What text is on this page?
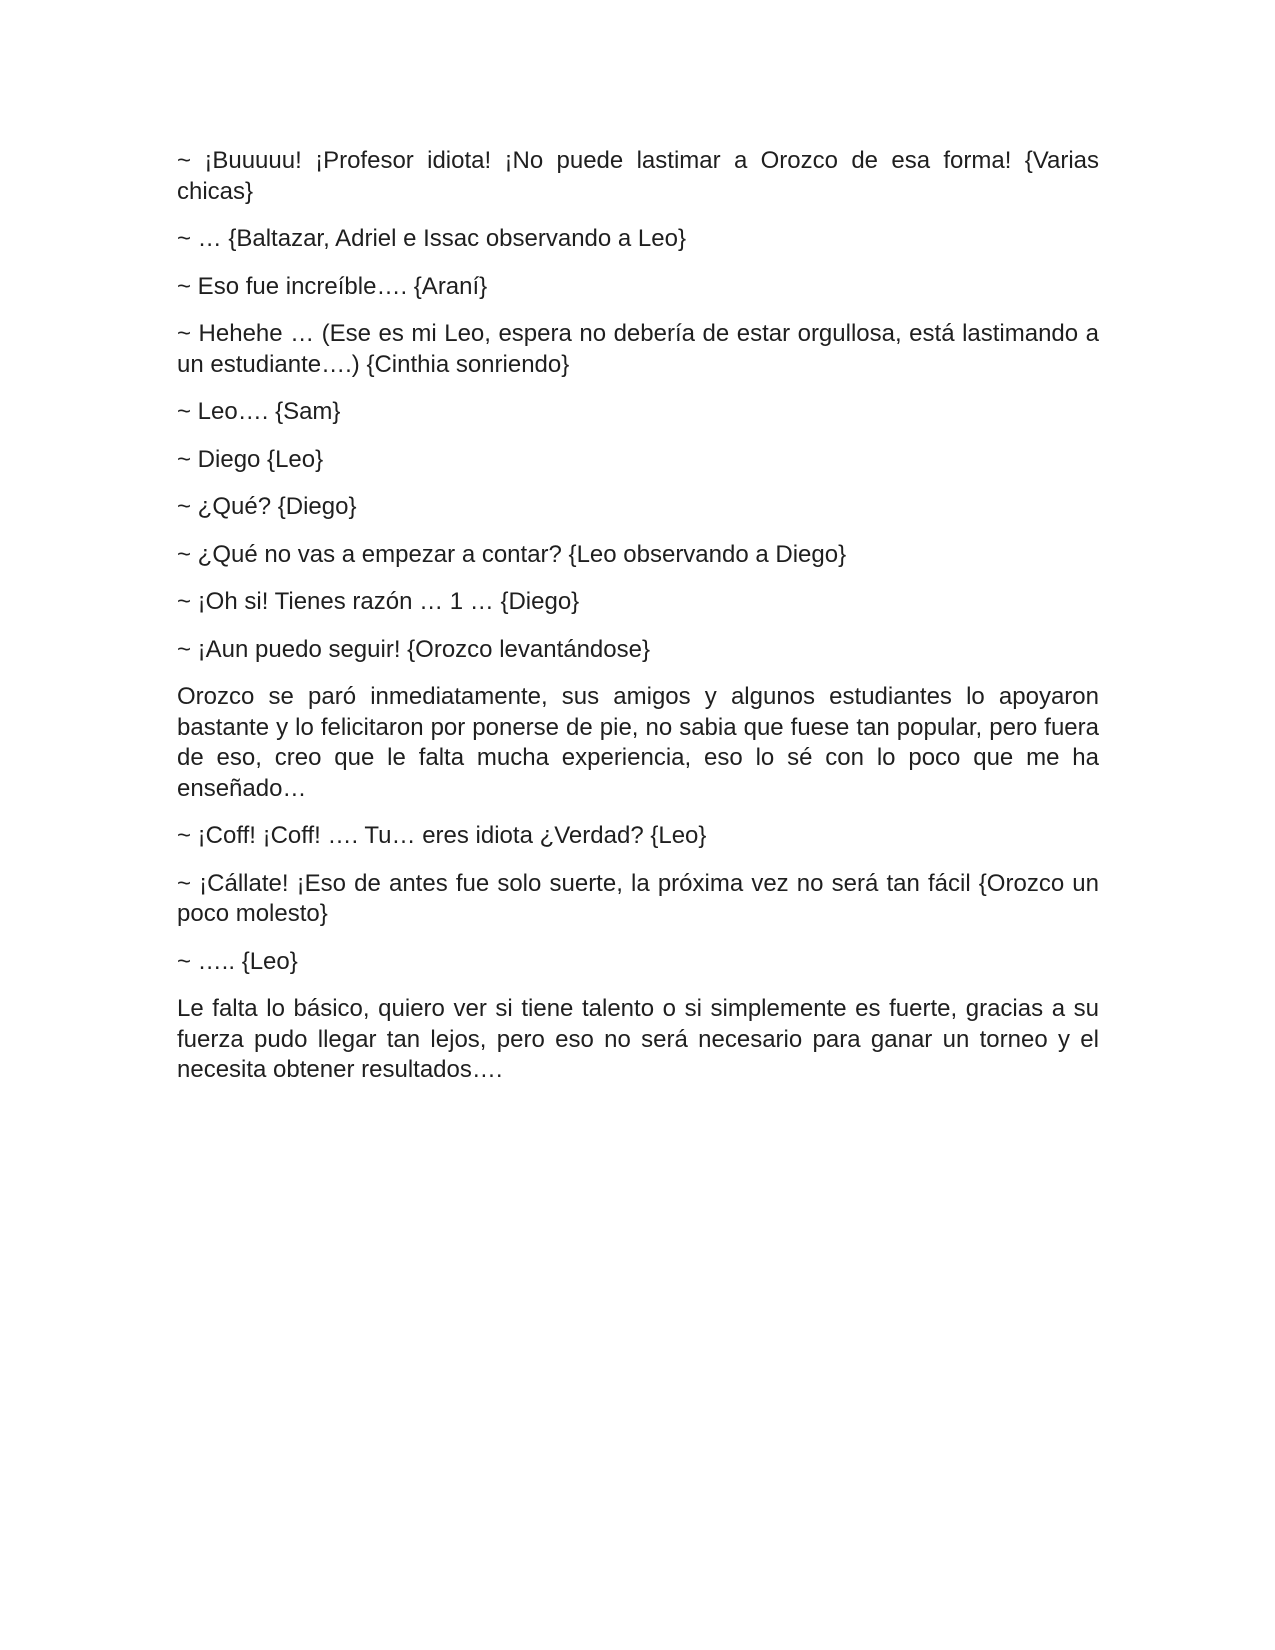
~ ¡Buuuuu! ¡Profesor idiota! ¡No puede lastimar a Orozco de esa forma! {Varias chicas}

~ … {Baltazar, Adriel e Issac observando a Leo}

~ Eso fue increíble…. {Araní}

~ Hehehe … (Ese es mi Leo, espera no debería de estar orgullosa, está lastimando a un estudiante….) {Cinthia sonriendo}

~ Leo…. {Sam}

~ Diego {Leo}

~ ¿Qué? {Diego}

~ ¿Qué no vas a empezar a contar? {Leo observando a Diego}

~ ¡Oh si! Tienes razón … 1 … {Diego}

~ ¡Aun puedo seguir! {Orozco levantándose}

Orozco se paró inmediatamente, sus amigos y algunos estudiantes lo apoyaron bastante y lo felicitaron por ponerse de pie, no sabia que fuese tan popular, pero fuera de eso, creo que le falta mucha experiencia, eso lo sé con lo poco que me ha enseñado…

~ ¡Coff! ¡Coff! …. Tu… eres idiota ¿Verdad? {Leo}

~ ¡Cállate! ¡Eso de antes fue solo suerte, la próxima vez no será tan fácil {Orozco un poco molesto}

~ ….. {Leo}

Le falta lo básico, quiero ver si tiene talento o si simplemente es fuerte, gracias a su fuerza pudo llegar tan lejos, pero eso no será necesario para ganar un torneo y el necesita obtener resultados….
